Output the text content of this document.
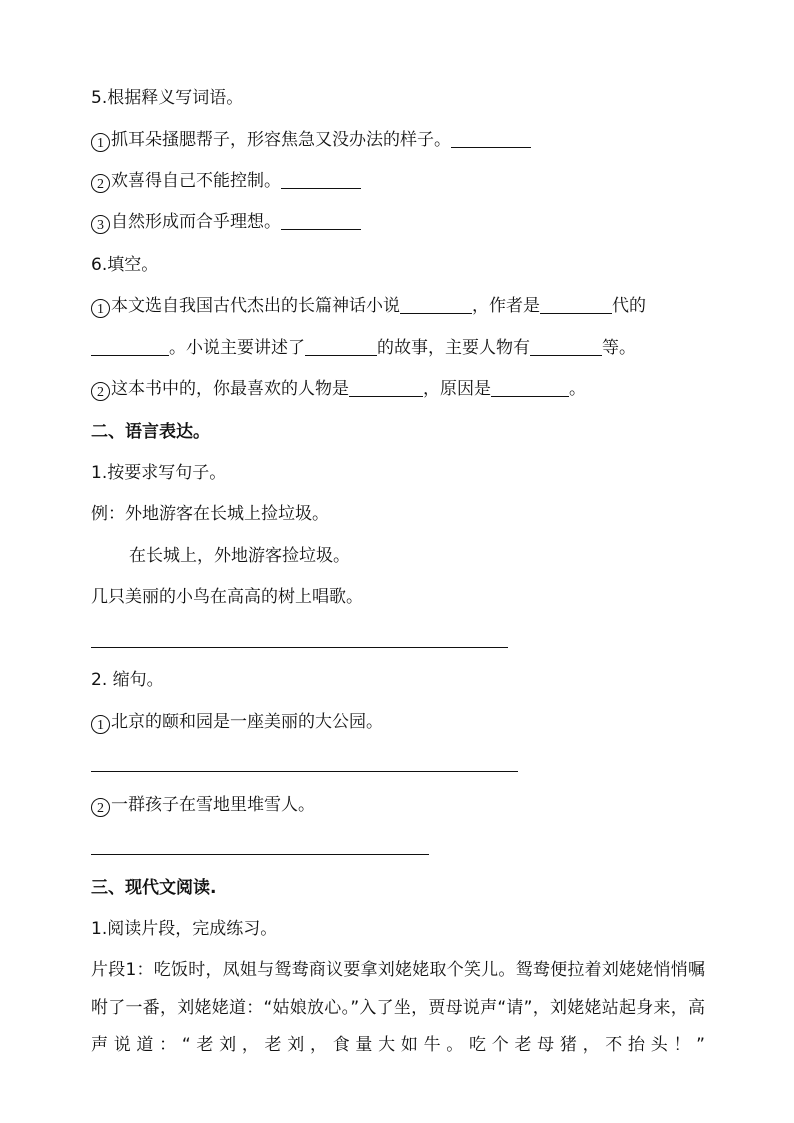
5.根据释义写词语。
1 抓耳朵搔腮帮子，形容焦急又没办法的样子。
2 欢喜得自己不能控制。
3 自然形成而合乎理想。
6.填空。
1 本文选自我国古代杰出的长篇神话小说	，作者是	代的
。小说主要讲述了	的故事，主要人物有	等。
2 这本书中的，你最喜欢的人物是	，原因是	。
二、语言表达。
1.按要求写句子。
例：外地游客在长城上捡垃圾。
在长城上，外地游客捡垃圾。
几只美丽的小鸟在高高的树上唱歌。
2. 缩句。
1 北京的颐和园是一座美丽的大公园。
2 一群孩子在雪地里堆雪人。
三、现代文阅读.
1.阅读片段，完成练习。
片段1：吃饭时，凤姐与鸳鸯商议要拿刘姥姥取个笑儿。鸳鸯便拉着刘姥姥悄悄嘱咐了一番，刘姥姥道：“姑娘放心。”入了坐，贾母说声“请”，刘姥姥站起身来，高声说道：“老刘，老刘，食量大如牛。吃个老母猪，不抬头！”
